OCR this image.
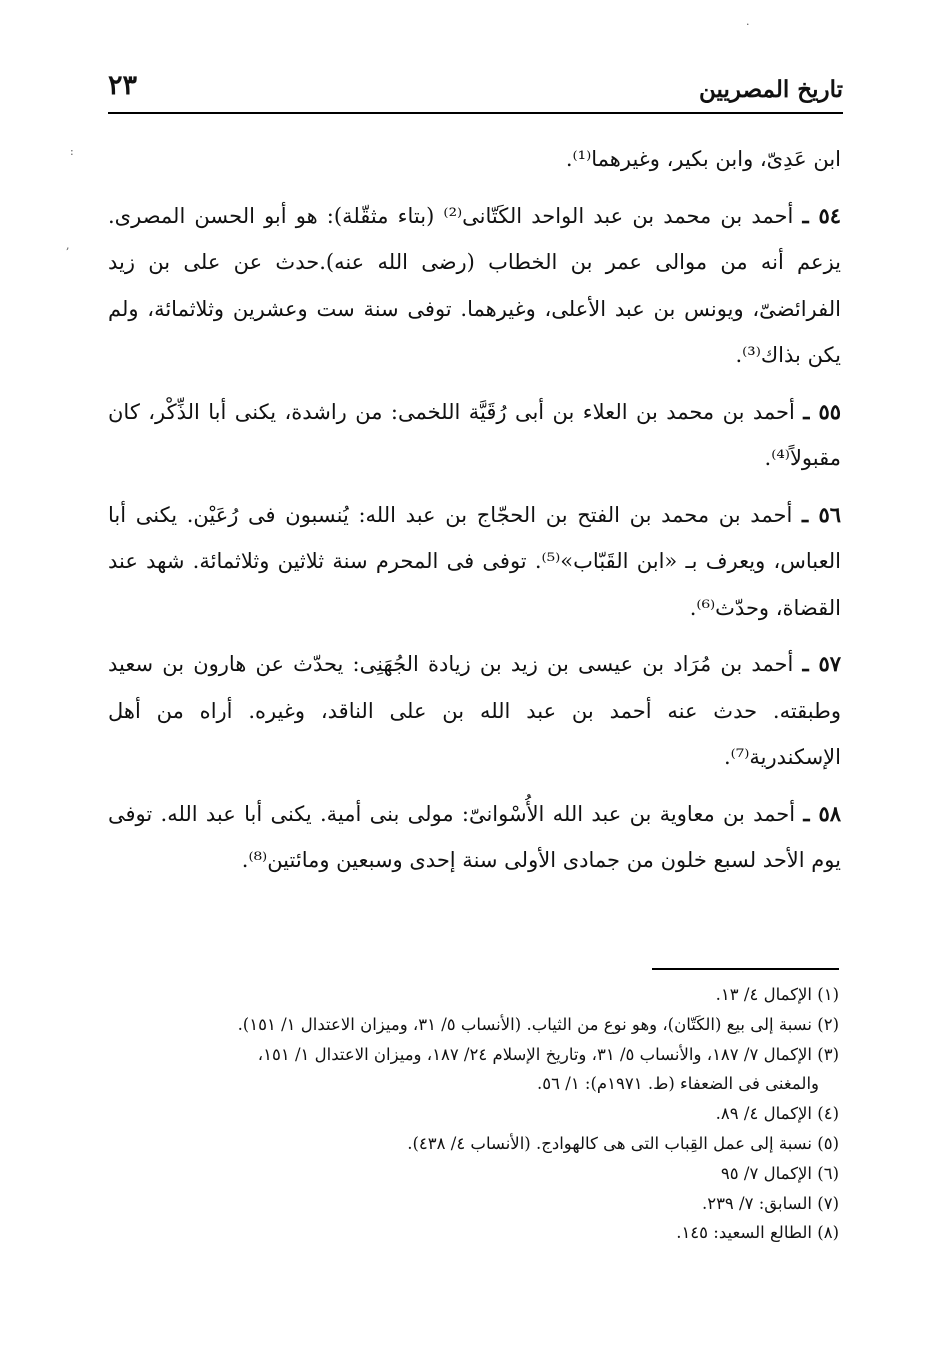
.
:
,
تاريخ المصريين
٢٣

ابن عَدِىّ، وابن بكير، وغيرهما⁽¹⁾.

٥٤ ـ أحمد بن محمد بن عبد الواحد الكَتّانى⁽²⁾ (بتاء مثقّلة): هو أبو الحسن المصرى. يزعم أنه من موالى عمر بن الخطاب (رضى الله عنه).حدث عن على بن زيد الفرائضىّ، ويونس بن عبد الأعلى، وغيرهما. توفى سنة ست وعشرين وثلاثمائة، ولم يكن بذاك⁽³⁾.

٥٥ ـ أحمد بن محمد بن العلاء بن أبى رُقَيَّة اللخمى: من راشدة، يكنى أبا الذِّكْر، كان مقبولاً⁽⁴⁾.

٥٦ ـ أحمد بن محمد بن الفتح بن الحجّاج بن عبد الله: يُنسبون فى رُعَيْن. يكنى أبا العباس، ويعرف بـ «ابن القَبّاب»⁽⁵⁾. توفى فى المحرم سنة ثلاثين وثلاثمائة. شهد عند القضاة، وحدّث⁽⁶⁾.

٥٧ ـ أحمد بن مُرَاد بن عيسى بن زيد بن زيادة الجُهَنِى: يحدّث عن هارون بن سعيد وطبقته. حدث عنه أحمد بن عبد الله بن على الناقد، وغيره. أراه من أهل الإسكندرية⁽⁷⁾.

٥٨ ـ أحمد بن معاوية بن عبد الله الأُسْوانىّ: مولى بنى أمية. يكنى أبا عبد الله. توفى يوم الأحد لسبع خلون من جمادى الأولى سنة إحدى وسبعين ومائتين⁽⁸⁾.

(١) الإكمال ٤/ ١٣.

(٢) نسبة إلى بيع (الكَتّان)، وهو نوع من الثياب. (الأنساب ٥/ ٣١، وميزان الاعتدال ١/ ١٥١).

(٣) الإكمال ٧/ ١٨٧، والأنساب ٥/ ٣١، وتاريخ الإسلام ٢٤/ ١٨٧، وميزان الاعتدال ١/ ١٥١،

والمغنى فى الضعفاء (ط. ١٩٧١م): ١/ ٥٦.

(٤) الإكمال ٤/ ٨٩.

(٥) نسبة إلى عمل القِباب التى هى كالهوادج. (الأنساب ٤/ ٤٣٨).

(٦) الإكمال ٧/ ٩٥

(٧) السابق: ٧/ ٢٣٩.

(٨) الطالع السعيد: ١٤٥.
